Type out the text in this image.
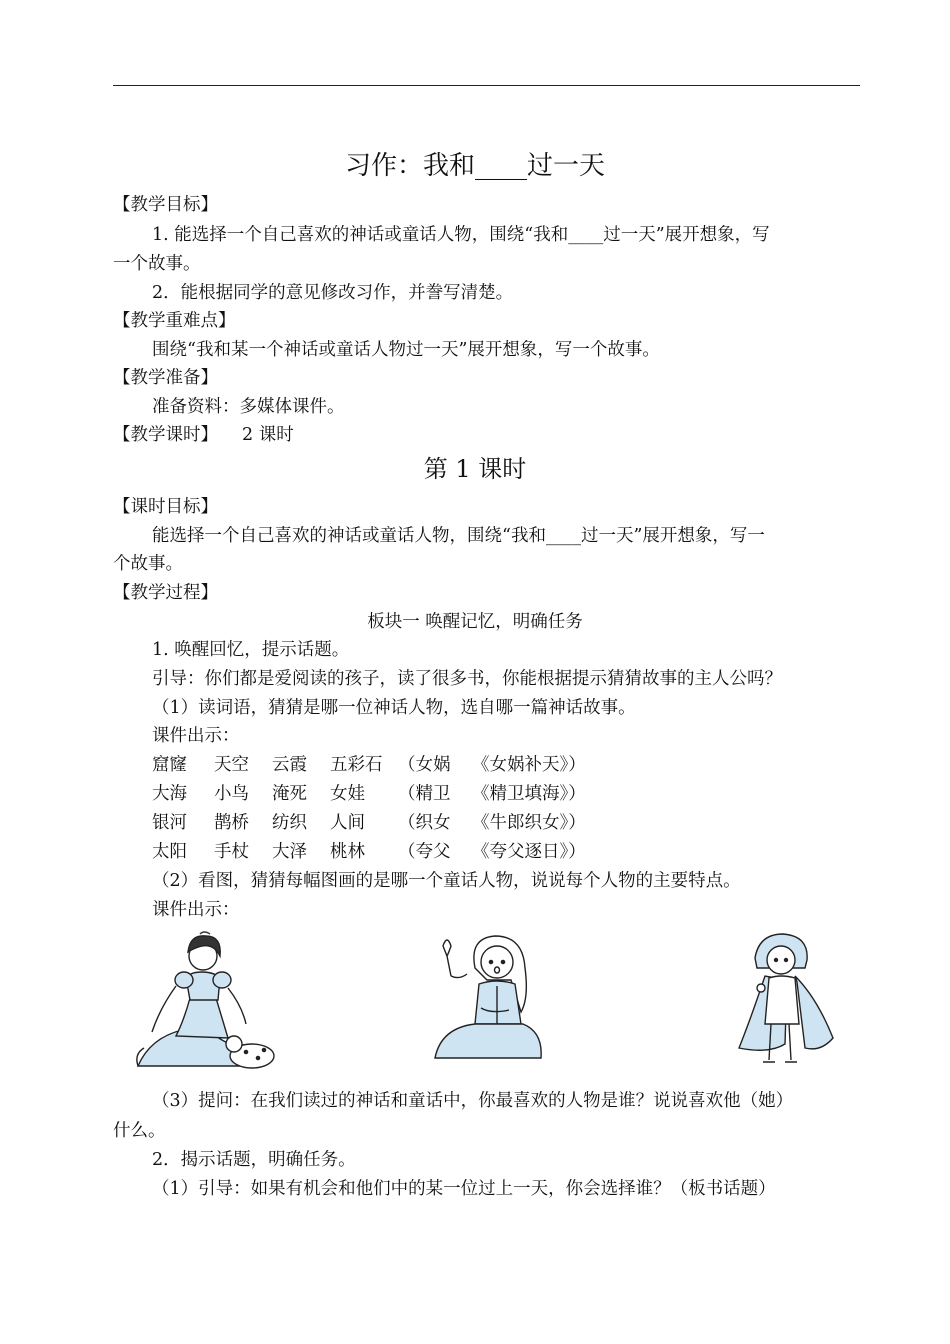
习作：我和____过一天
【教学目标】
1. 能选择一个自己喜欢的神话或童话人物，围绕“我和____过一天”展开想象，写
一个故事。
2．能根据同学的意见修改习作，并誊写清楚。
【教学重难点】
围绕“我和某一个神话或童话人物过一天”展开想象，写一个故事。
【教学准备】
准备资料：多媒体课件。
【教学课时】 2 课时
第 1 课时
【课时目标】
能选择一个自己喜欢的神话或童话人物，围绕“我和____过一天”展开想象，写一
个故事。
【教学过程】
板块一 唤醒记忆，明确任务
1. 唤醒回忆，提示话题。
引导：你们都是爱阅读的孩子，读了很多书，你能根据提示猜猜故事的主人公吗？
（1）读词语，猜猜是哪一位神话人物，选自哪一篇神话故事。
课件出示：
窟窿 天空 云霞 五彩石 （女娲 《女娲补天》）
大海 小鸟 淹死 女娃 （精卫 《精卫填海》）
银河 鹊桥 纺织 人间 （织女 《牛郎织女》）
太阳 手杖 大泽 桃林 （夸父 《夸父逐日》）
（2）看图，猜猜每幅图画的是哪一个童话人物，说说每个人物的主要特点。
课件出示：
（3）提问：在我们读过的神话和童话中，你最喜欢的人物是谁？说说喜欢他（她）
什么。
2．揭示话题，明确任务。
（1）引导：如果有机会和他们中的某一位过上一天，你会选择谁？（板书话题）
